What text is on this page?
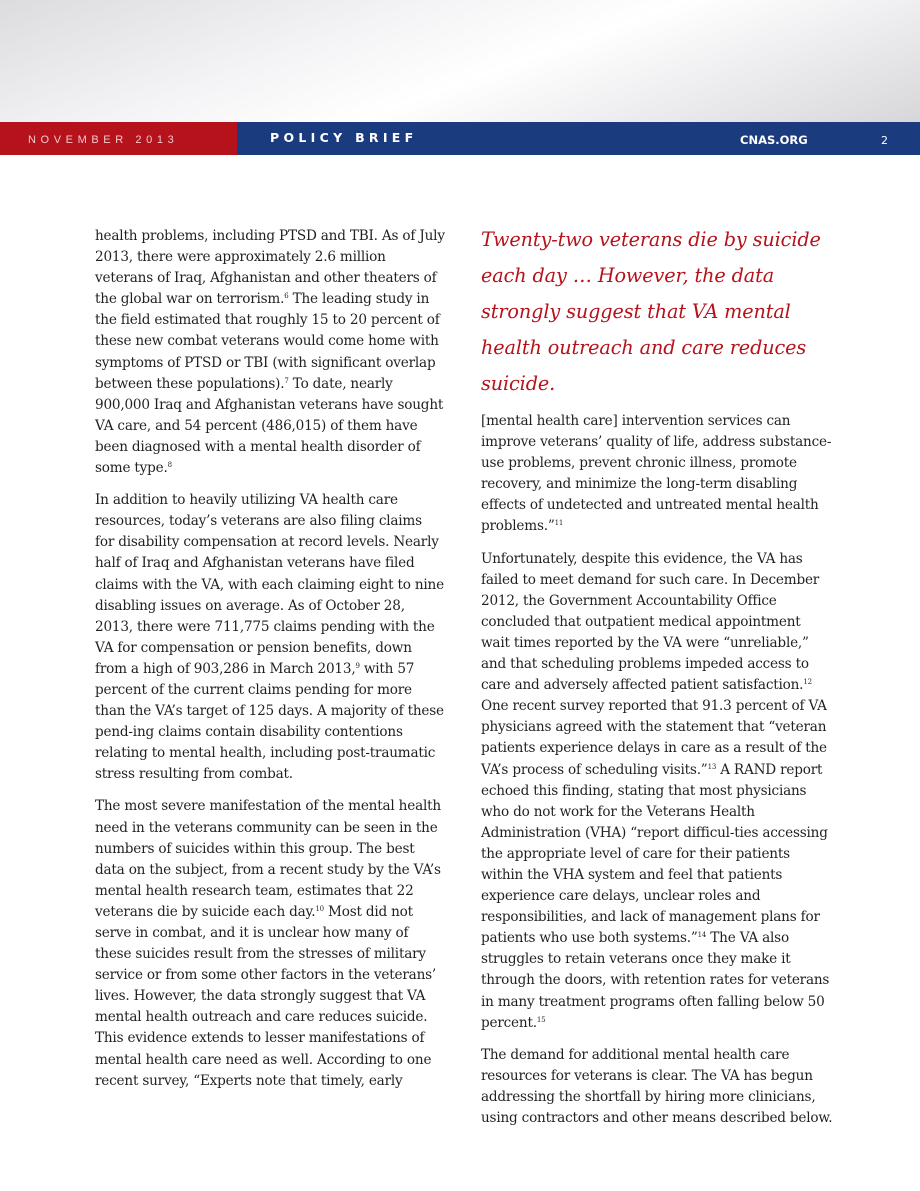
NOVEMBER 2013	POLICY BRIEF	CNAS.ORG	2

health problems, including PTSD and TBI. As of July 2013, there were approximately 2.6 million veterans of Iraq, Afghanistan and other theaters of the global war on terrorism.$^6$ The leading study in the field estimated that roughly 15 to 20 percent of these new combat veterans would come home with symptoms of PTSD or TBI (with significant overlap between these populations).$^7$ To date, nearly 900,000 Iraq and Afghanistan veterans have sought VA care, and 54 percent (486,015) of them have been diagnosed with a mental health disorder of some type.$^8$

In addition to heavily utilizing VA health care resources, today’s veterans are also filing claims for disability compensation at record levels. Nearly half of Iraq and Afghanistan veterans have filed claims with the VA, with each claiming eight to nine disabling issues on average. As of October 28, 2013, there were 711,775 claims pending with the VA for compensation or pension benefits, down from a high of 903,286 in March 2013,$^9$ with 57 percent of the current claims pending for more than the VA’s target of 125 days. A majority of these pend-ing claims contain disability contentions relating to mental health, including post-traumatic stress resulting from combat.

The most severe manifestation of the mental health need in the veterans community can be seen in the numbers of suicides within this group. The best data on the subject, from a recent study by the VA’s mental health research team, estimates that 22 veterans die by suicide each day.$^{10}$ Most did not serve in combat, and it is unclear how many of these suicides result from the stresses of military service or from some other factors in the veterans’ lives. However, the data strongly suggest that VA mental health outreach and care reduces suicide. This evidence extends to lesser manifestations of mental health care need as well. According to one recent survey, “Experts note that timely, early

Twenty-two veterans die by suicide each day … However, the data strongly suggest that VA mental health outreach and care reduces suicide.

[mental health care] intervention services can improve veterans’ quality of life, address substance-use problems, prevent chronic illness, promote recovery, and minimize the long-term disabling effects of undetected and untreated mental health problems.”$^{11}$

Unfortunately, despite this evidence, the VA has failed to meet demand for such care. In December 2012, the Government Accountability Office concluded that outpatient medical appointment wait times reported by the VA were “unreliable,” and that scheduling problems impeded access to care and adversely affected patient satisfaction.$^{12}$ One recent survey reported that 91.3 percent of VA physicians agreed with the statement that “veteran patients experience delays in care as a result of the VA’s process of scheduling visits.”$^{13}$ A RAND report echoed this finding, stating that most physicians who do not work for the Veterans Health Administration (VHA) “report difficul-ties accessing the appropriate level of care for their patients within the VHA system and feel that patients experience care delays, unclear roles and responsibilities, and lack of management plans for patients who use both systems.”$^{14}$ The VA also struggles to retain veterans once they make it through the doors, with retention rates for veterans in many treatment programs often falling below 50 percent.$^{15}$

The demand for additional mental health care resources for veterans is clear. The VA has begun addressing the shortfall by hiring more clinicians, using contractors and other means described below.
